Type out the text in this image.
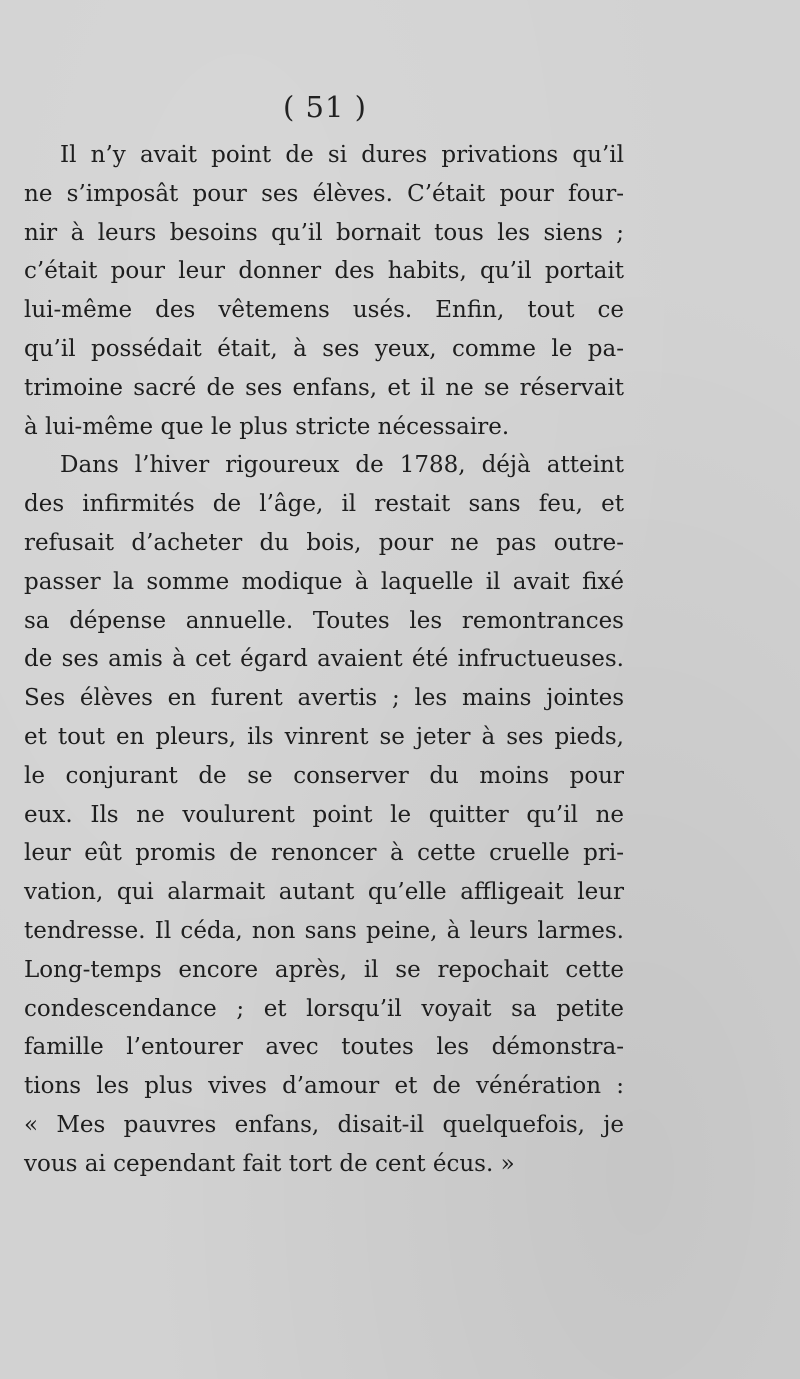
( 51 )
Il n’y avait point de si dures privations qu’il
ne s’imposât pour ses élèves. C’était pour four-
nir à leurs besoins qu’il bornait tous les siens ;
c’était pour leur donner des habits, qu’il portait
lui-même des vêtemens usés. Enfin, tout ce
qu’il possédait était, à ses yeux, comme le pa-
trimoine sacré de ses enfans, et il ne se réservait
à lui-même que le plus stricte nécessaire.
Dans l’hiver rigoureux de 1788, déjà atteint
des infirmités de l’âge, il restait sans feu, et
refusait d’acheter du bois, pour ne pas outre-
passer la somme modique à laquelle il avait fixé
sa dépense annuelle. Toutes les remontrances
de ses amis à cet égard avaient été infructueuses.
Ses élèves en furent avertis ; les mains jointes
et tout en pleurs, ils vinrent se jeter à ses pieds,
le conjurant de se conserver du moins pour
eux. Ils ne voulurent point le quitter qu’il ne
leur eût promis de renoncer à cette cruelle pri-
vation, qui alarmait autant qu’elle affligeait leur
tendresse. Il céda, non sans peine, à leurs larmes.
Long-temps encore après, il se repochait cette
condescendance ; et lorsqu’il voyait sa petite
famille l’entourer avec toutes les démonstra-
tions les plus vives d’amour et de vénération :
« Mes pauvres enfans, disait-il quelquefois, je
vous ai cependant fait tort de cent écus. »
